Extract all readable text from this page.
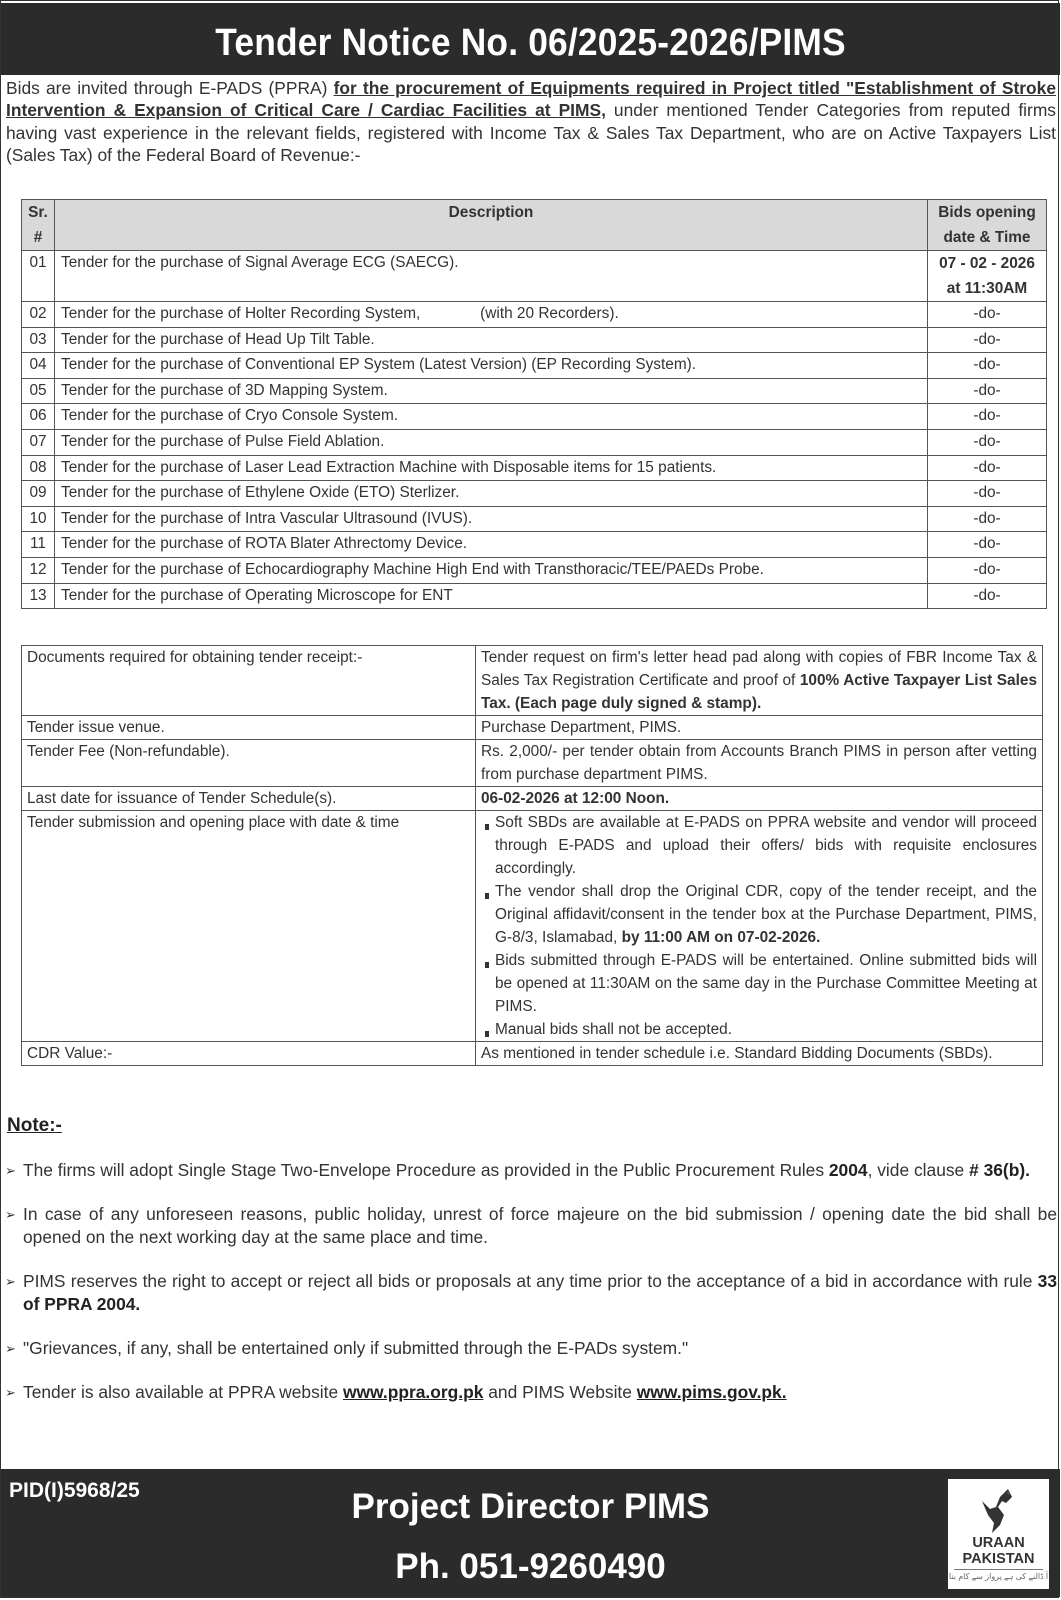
Tender Notice No. 06/2025-2026/PIMS
Bids are invited through E-PADS (PPRA) for the procurement of Equipments required in Project titled "Establishment of Stroke Intervention & Expansion of Critical Care / Cardiac Facilities at PIMS, under mentioned Tender Categories from reputed firms having vast experience in the relevant fields, registered with Income Tax & Sales Tax Department, who are on Active Taxpayers List (Sales Tax) of the Federal Board of Revenue:-
Sr. #	Description	Bids opening date & Time
01	Tender for the purchase of Signal Average ECG (SAECG).	07 - 02 - 2026 at 11:30AM
02	Tender for the purchase of Holter Recording System,              (with 20 Recorders).	-do-
03	Tender for the purchase of Head Up Tilt Table.	-do-
04	Tender for the purchase of Conventional EP System (Latest Version) (EP Recording System).	-do-
05	Tender for the purchase of 3D Mapping System.	-do-
06	Tender for the purchase of Cryo Console System.	-do-
07	Tender for the purchase of Pulse Field Ablation.	-do-
08	Tender for the purchase of Laser Lead Extraction Machine with Disposable items for 15 patients.	-do-
09	Tender for the purchase of Ethylene Oxide (ETO) Sterlizer.	-do-
10	Tender for the purchase of Intra Vascular Ultrasound (IVUS).	-do-
11	Tender for the purchase of ROTA Blater Athrectomy Device.	-do-
12	Tender for the purchase of Echocardiography Machine High End with Transthoracic/TEE/PAEDs Probe.	-do-
13	Tender for the purchase of Operating Microscope for ENT	-do-
Documents required for obtaining tender receipt:-	Tender request on firm's letter head pad along with copies of FBR Income Tax & Sales Tax Registration Certificate and proof of 100% Active Taxpayer List Sales Tax. (Each page duly signed & stamp).
Tender issue venue.	Purchase Department, PIMS.
Tender Fee (Non-refundable).	Rs. 2,000/- per tender obtain from Accounts Branch PIMS in person after vetting from purchase department PIMS.
Last date for issuance of Tender Schedule(s).	06-02-2026 at 12:00 Noon.
Tender submission and opening place with date & time	Soft SBDs are available at E-PADS on PPRA website and vendor will proceed through E-PADS and upload their offers/ bids with requisite enclosures accordingly.
The vendor shall drop the Original CDR, copy of the tender receipt, and the Original affidavit/consent in the tender box at the Purchase Department, PIMS, G-8/3, Islamabad, by 11:00 AM on 07-02-2026.
Bids submitted through E-PADS will be entertained. Online submitted bids will be opened at 11:30AM on the same day in the Purchase Committee Meeting at PIMS.
Manual bids shall not be accepted.

CDR Value:-	As mentioned in tender schedule i.e. Standard Bidding Documents (SBDs).
Note:-
➢ The firms will adopt Single Stage Two-Envelope Procedure as provided in the Public Procurement Rules 2004, vide clause # 36(b).
➢ In case of any unforeseen reasons, public holiday, unrest of force majeure on the bid submission / opening date the bid shall be opened on the next working day at the same place and time.
➢ PIMS reserves the right to accept or reject all bids or proposals at any time prior to the acceptance of a bid in accordance with rule 33 of PPRA 2004.
➢ "Grievances, if any, shall be entertained only if submitted through the E-PADs system."
➢ Tender is also available at PPRA website www.ppra.org.pk and PIMS Website www.pims.gov.pk.
PID(I)5968/25	Project Director PIMS
Ph. 051-9260490
URAAN
PAKISTAN
آ ڈالنے کی ہے پرواز سے کام بنا
